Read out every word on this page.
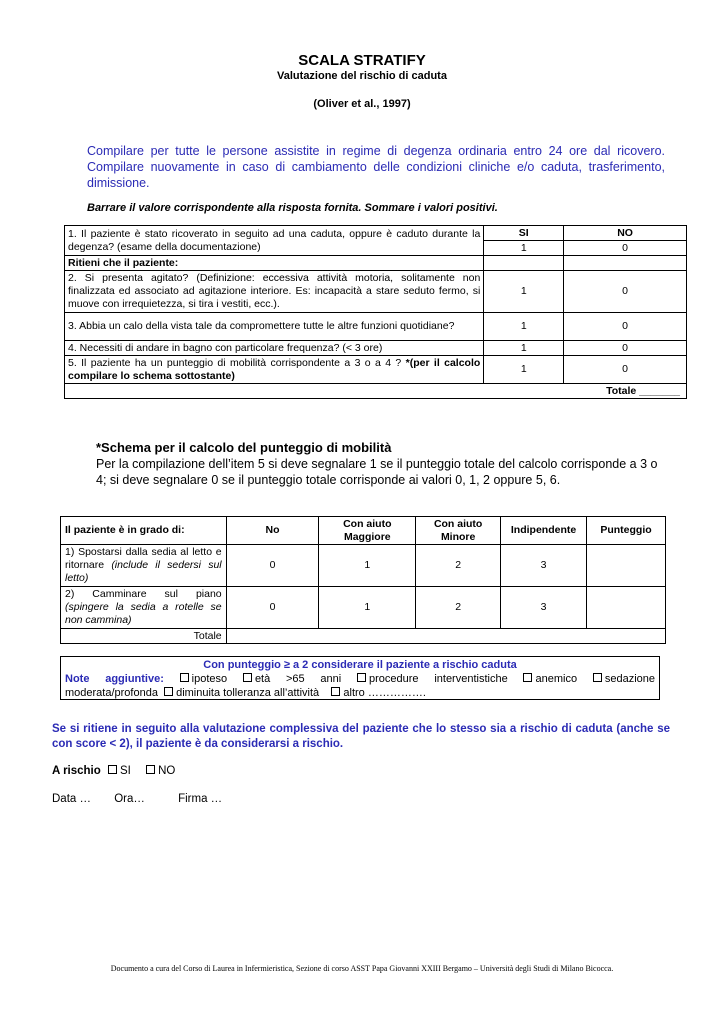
SCALA STRATIFY
Valutazione del rischio di caduta
(Oliver et al., 1997)
Compilare per tutte le persone assistite in regime di degenza ordinaria entro 24 ore dal ricovero. Compilare nuovamente in caso di cambiamento delle condizioni cliniche e/o caduta, trasferimento, dimissione.
Barrare il valore corrispondente alla risposta fornita. Sommare i valori positivi.
1. Il paziente è stato ricoverato in seguito ad una caduta, oppure è caduto durante la degenza? (esame della documentazione)	SI	NO
	1	0
Ritieni che il paziente:		
2. Si presenta agitato? (Definizione: eccessiva attività motoria, solitamente non finalizzata ed associato ad agitazione interiore. Es: incapacità a stare seduto fermo, si muove con irrequietezza, si tira i vestiti, ecc.).	1	0
3. Abbia un calo della vista tale da compromettere tutte le altre funzioni quotidiane?	1	0
4. Necessiti di andare in bagno con particolare frequenza? (< 3 ore)	1	0
5. Il paziente ha un punteggio di mobilità corrispondente a 3 o a 4 ? *(per il calcolo compilare lo schema sottostante)	1	0
Totale _______		
*Schema per il calcolo del punteggio di mobilità
Per la compilazione dell’item 5 si deve segnalare 1 se il punteggio totale del calcolo corrisponde a 3 o 4; si deve segnalare 0 se il punteggio totale corrisponde ai valori 0, 1, 2 oppure 5, 6.
Il paziente è in grado di:	No	Con aiuto Maggiore	Con aiuto Minore	Indipendente	Punteggio
1) Spostarsi dalla sedia al letto e ritornare (include il sedersi sul letto)	0	1	2	3	
2) Camminare sul piano (spingere la sedia a rotelle se non cammina)	0	1	2	3	
Totale					
Con punteggio ≥ a 2 considerare il paziente a rischio caduta
Note aggiuntive:	ipoteso	età >65 anni	procedure interventistiche	anemico	sedazione
moderata/profonda diminuita tolleranza all’attività altro …………….
Se si ritiene in seguito alla valutazione complessiva del paziente che lo stesso sia a rischio di caduta (anche se con score < 2), il paziente è da considerarsi a rischio.
A rischio SI NO
Data … Ora…	Firma …
Documento a cura del Corso di Laurea in Infermieristica, Sezione di corso ASST Papa Giovanni XXIII Bergamo – Università degli Studi di Milano Bicocca.
